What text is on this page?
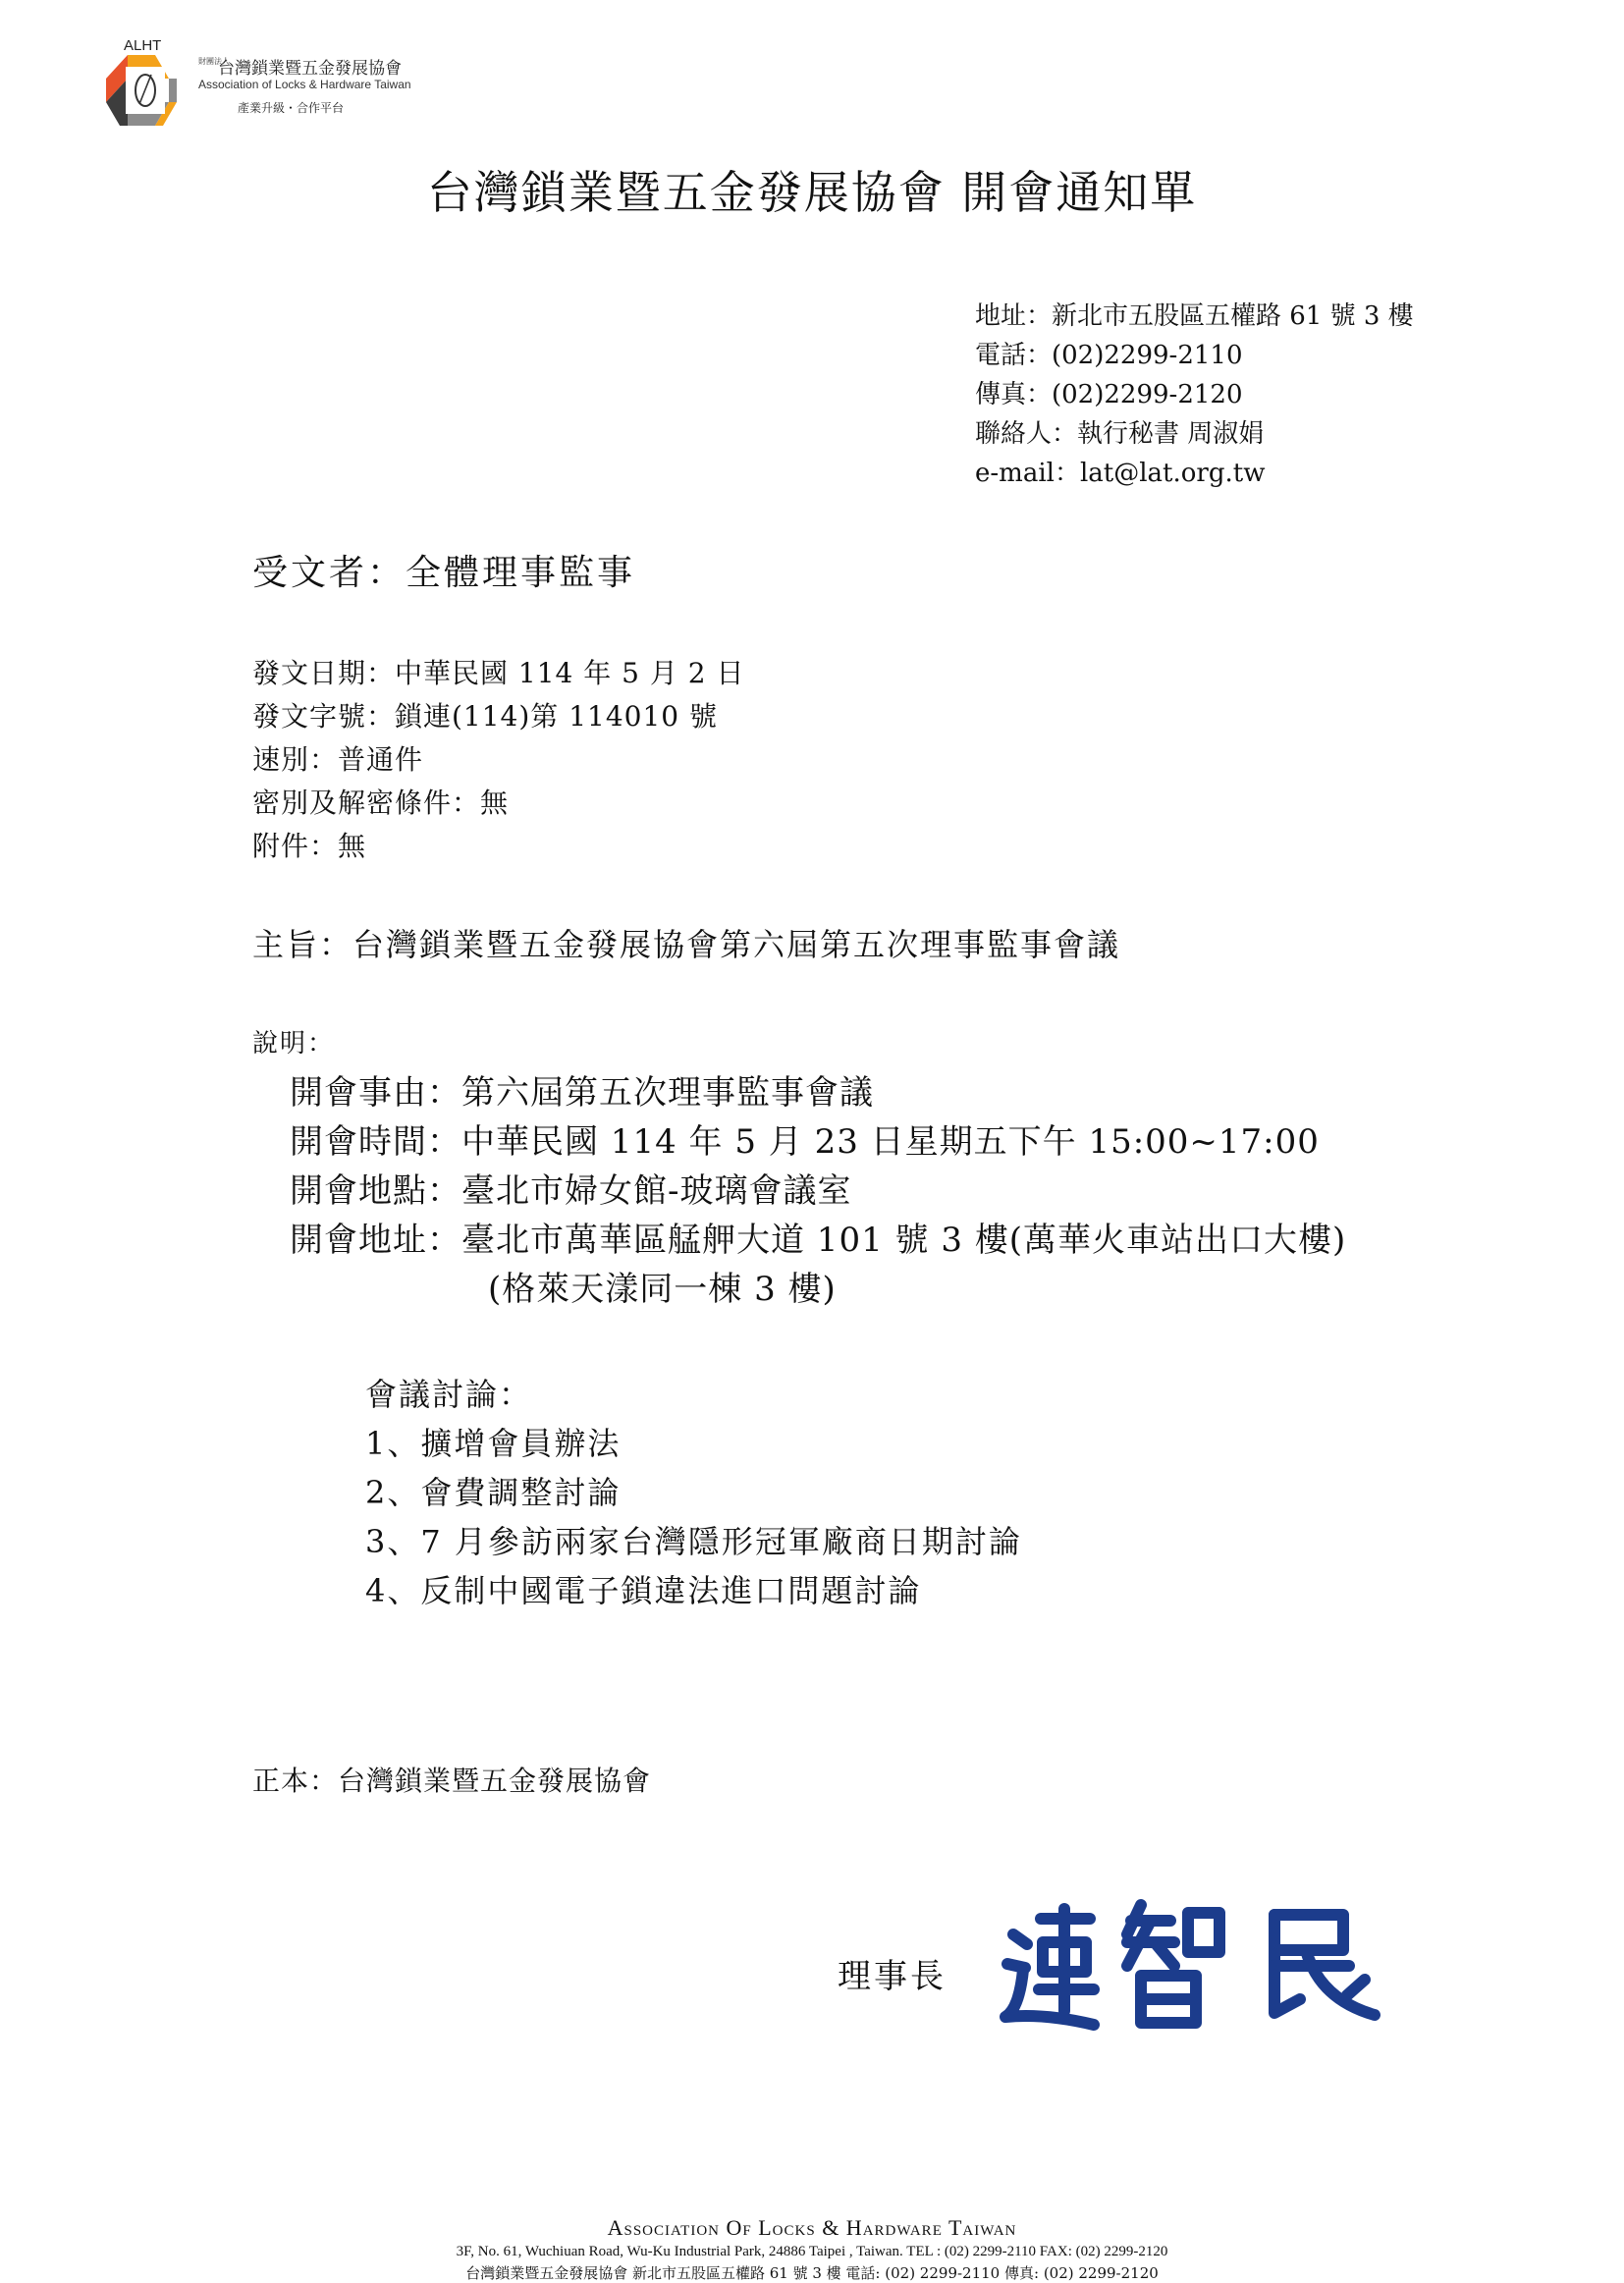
ALHT
財團法人
台灣鎖業暨五金發展協會
Association of Locks & Hardware Taiwan
產業升級・合作平台
台灣鎖業暨五金發展協會 開會通知單
地址：新北市五股區五權路 61 號 3 樓
電話：(02)2299-2110
傳真：(02)2299-2120
聯絡人：執行秘書 周淑娟
e-mail：lat@lat.org.tw
受文者：全體理事監事
發文日期：中華民國 114 年 5 月 2 日
發文字號：鎖連(114)第 114010 號
速別：普通件
密別及解密條件：無
附件：無
主旨：台灣鎖業暨五金發展協會第六屆第五次理事監事會議
說明：
開會事由：第六屆第五次理事監事會議
開會時間：中華民國 114 年 5 月 23 日星期五下午 15:00~17:00
開會地點：臺北市婦女館-玻璃會議室
開會地址：臺北市萬華區艋舺大道 101 號 3 樓(萬華火車站出口大樓)
(格萊天漾同一棟 3 樓)
會議討論：
1、擴增會員辦法
2、會費調整討論
3、7 月參訪兩家台灣隱形冠軍廠商日期討論
4、反制中國電子鎖違法進口問題討論
正本：台灣鎖業暨五金發展協會
理事長
Association Of Locks & Hardware Taiwan
3F, No. 61, Wuchiuan Road, Wu-Ku Industrial Park, 24886 Taipei , Taiwan. TEL : (02) 2299-2110 FAX: (02) 2299-2120
台灣鎖業暨五金發展協會 新北市五股區五權路 61 號 3 樓 電話: (02) 2299-2110 傳真: (02) 2299-2120
